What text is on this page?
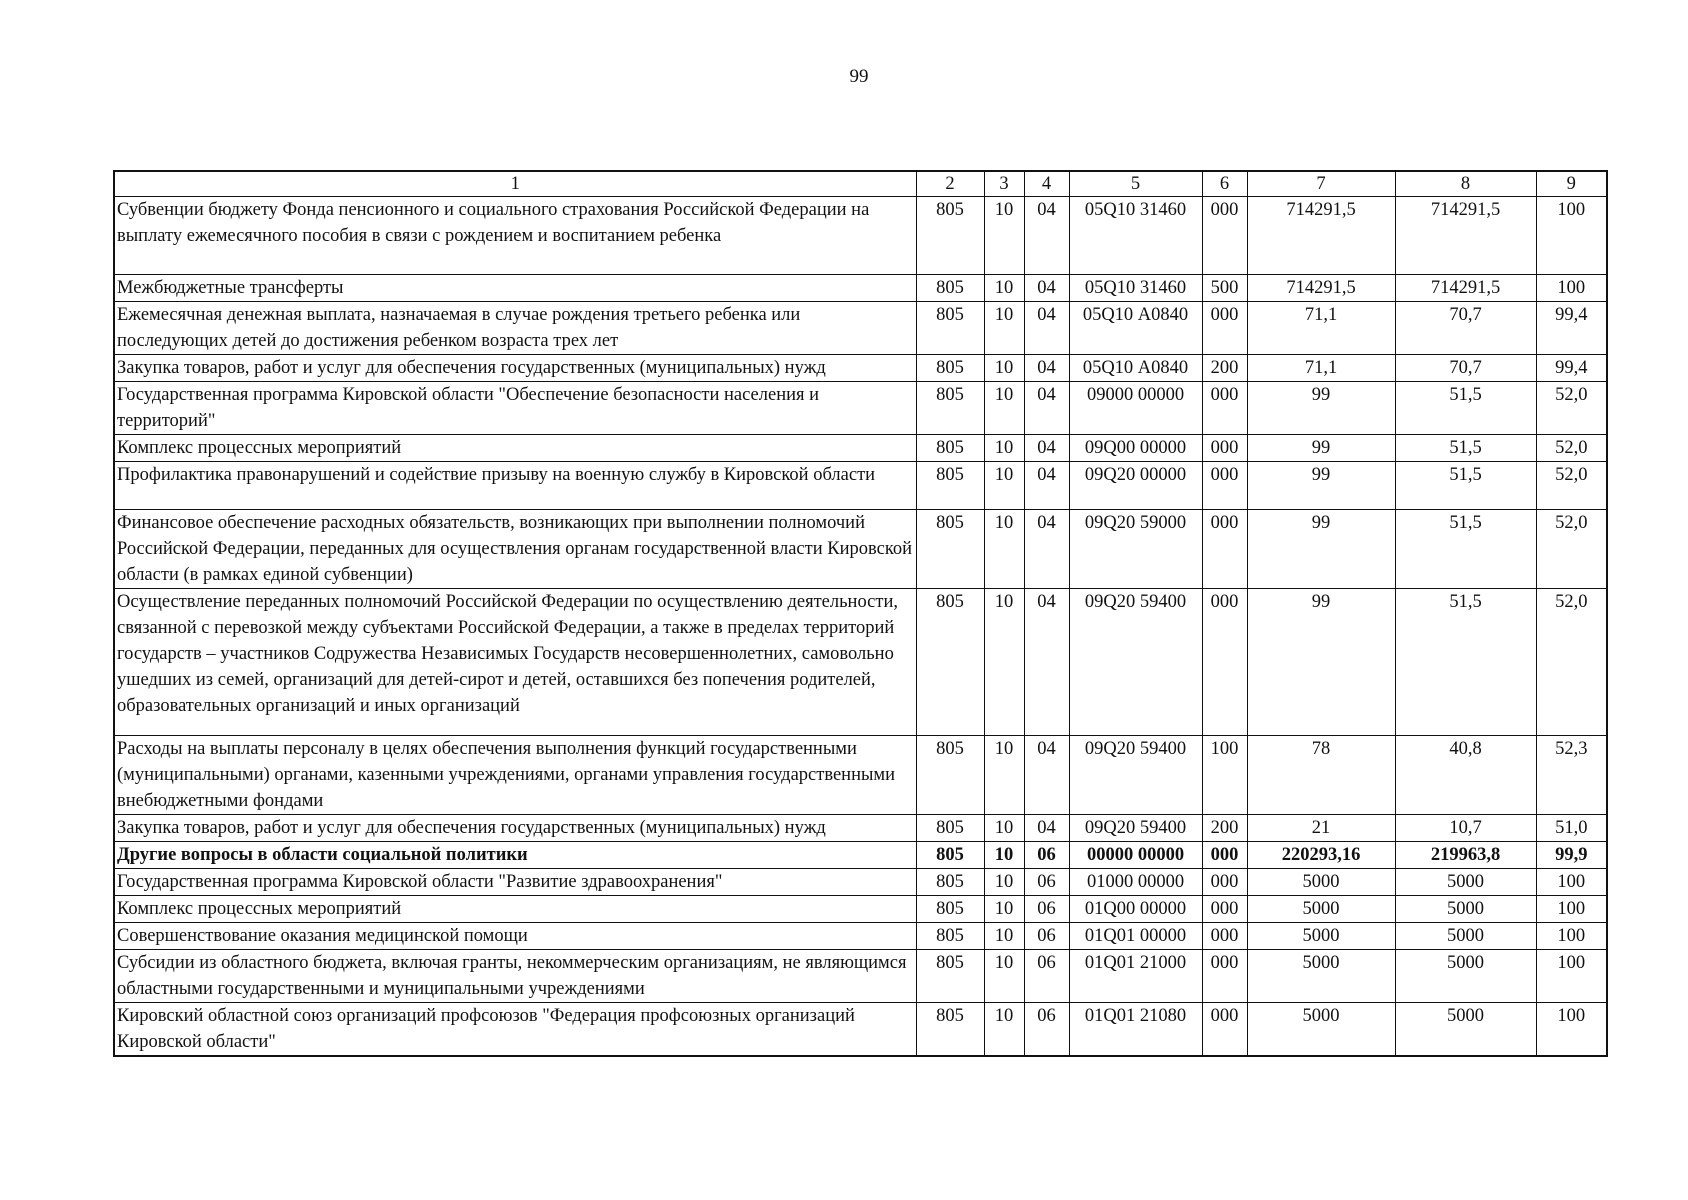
99
1	2	3	4	5	6	7	8	9
Субвенции бюджету Фонда пенсионного и социального страхования Российской Федерации на выплату ежемесячного пособия в связи с рождением и воспитанием ребенка	805	10	04	05Q10 31460	000	714291,5	714291,5	100
Межбюджетные трансферты	805	10	04	05Q10 31460	500	714291,5	714291,5	100
Ежемесячная денежная выплата, назначаемая в случае рождения третьего ребенка или последующих детей до достижения ребенком возраста трех лет	805	10	04	05Q10 А0840	000	71,1	70,7	99,4
Закупка товаров, работ и услуг для обеспечения государственных (муниципальных) нужд	805	10	04	05Q10 А0840	200	71,1	70,7	99,4
Государственная программа Кировской области "Обеспечение безопасности населения и территорий"	805	10	04	09000 00000	000	99	51,5	52,0
Комплекс процессных мероприятий	805	10	04	09Q00 00000	000	99	51,5	52,0
Профилактика правонарушений и содействие призыву на военную службу в Кировской области	805	10	04	09Q20 00000	000	99	51,5	52,0
Финансовое обеспечение расходных обязательств, возникающих при выполнении полномочий Российской Федерации, переданных для осуществления органам государственной власти Кировской области (в рамках единой субвенции)	805	10	04	09Q20 59000	000	99	51,5	52,0
Осуществление переданных полномочий Российской Федерации по осуществлению деятельности, связанной с перевозкой между субъектами Российской Федерации, а также в пределах территорий государств – участников Содружества Независимых Государств несовершеннолетних, самовольно ушедших из семей, организаций для детей-сирот и детей, оставшихся без попечения родителей, образовательных организаций и иных организаций	805	10	04	09Q20 59400	000	99	51,5	52,0
Расходы на выплаты персоналу в целях обеспечения выполнения функций государственными (муниципальными) органами, казенными учреждениями, органами управления государственными внебюджетными фондами	805	10	04	09Q20 59400	100	78	40,8	52,3
Закупка товаров, работ и услуг для обеспечения государственных (муниципальных) нужд	805	10	04	09Q20 59400	200	21	10,7	51,0
Другие вопросы в области социальной политики	805	10	06	00000 00000	000	220293,16	219963,8	99,9
Государственная программа Кировской области "Развитие здравоохранения"	805	10	06	01000 00000	000	5000	5000	100
Комплекс процессных мероприятий	805	10	06	01Q00 00000	000	5000	5000	100
Совершенствование оказания медицинской помощи	805	10	06	01Q01 00000	000	5000	5000	100
Субсидии из областного бюджета, включая гранты, некоммерческим организациям, не являющимся областными государственными и муниципальными учреждениями	805	10	06	01Q01 21000	000	5000	5000	100
Кировский областной союз организаций профсоюзов "Федерация профсоюзных организаций Кировской области"	805	10	06	01Q01 21080	000	5000	5000	100
